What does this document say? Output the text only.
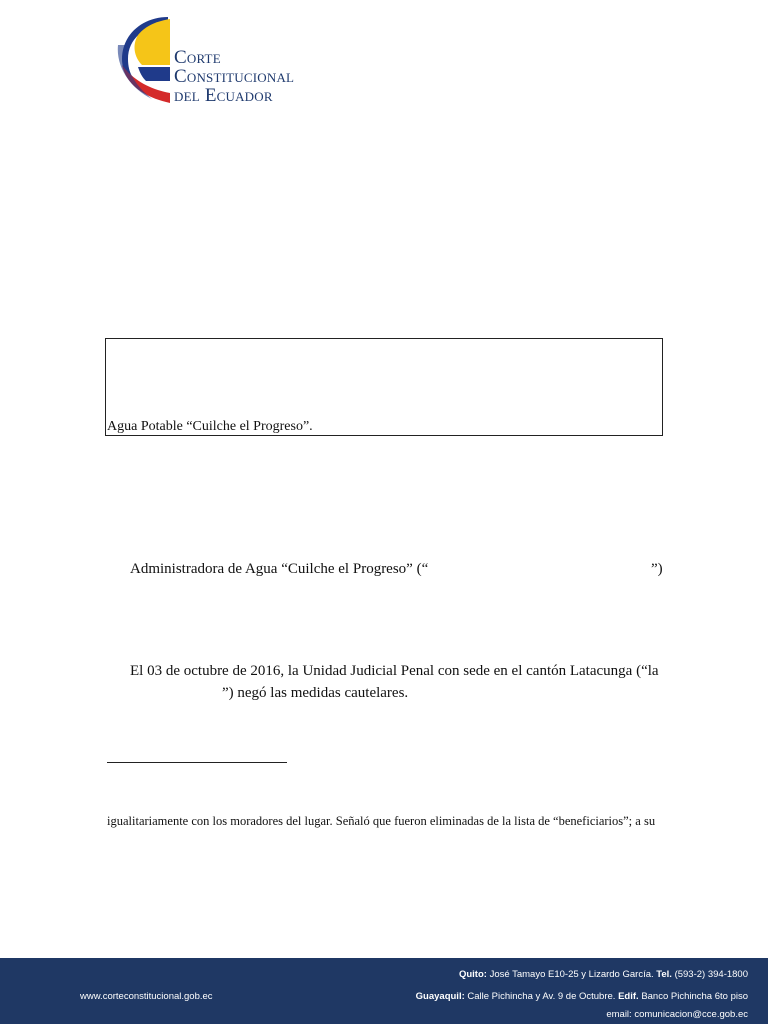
Corte
Constitucional
del Ecuador
Agua Potable “Cuilche el Progreso”.
Administradora de Agua “Cuilche el Progreso” (“	”)
El 03 de octubre de 2016, la Unidad Judicial Penal con sede en el cantón Latacunga (“la
”) negó las medidas cautelares.
igualitariamente con los moradores del lugar. Señaló que fueron eliminadas de la lista de “beneficiarios”; a su
www.corteconstitucional.gob.ec
Quito: José Tamayo E10-25 y Lizardo García. Tel. (593-2) 394-1800
Guayaquil: Calle Pichincha y Av. 9 de Octubre. Edif. Banco Pichincha 6to piso
email: comunicacion@cce.gob.ec
